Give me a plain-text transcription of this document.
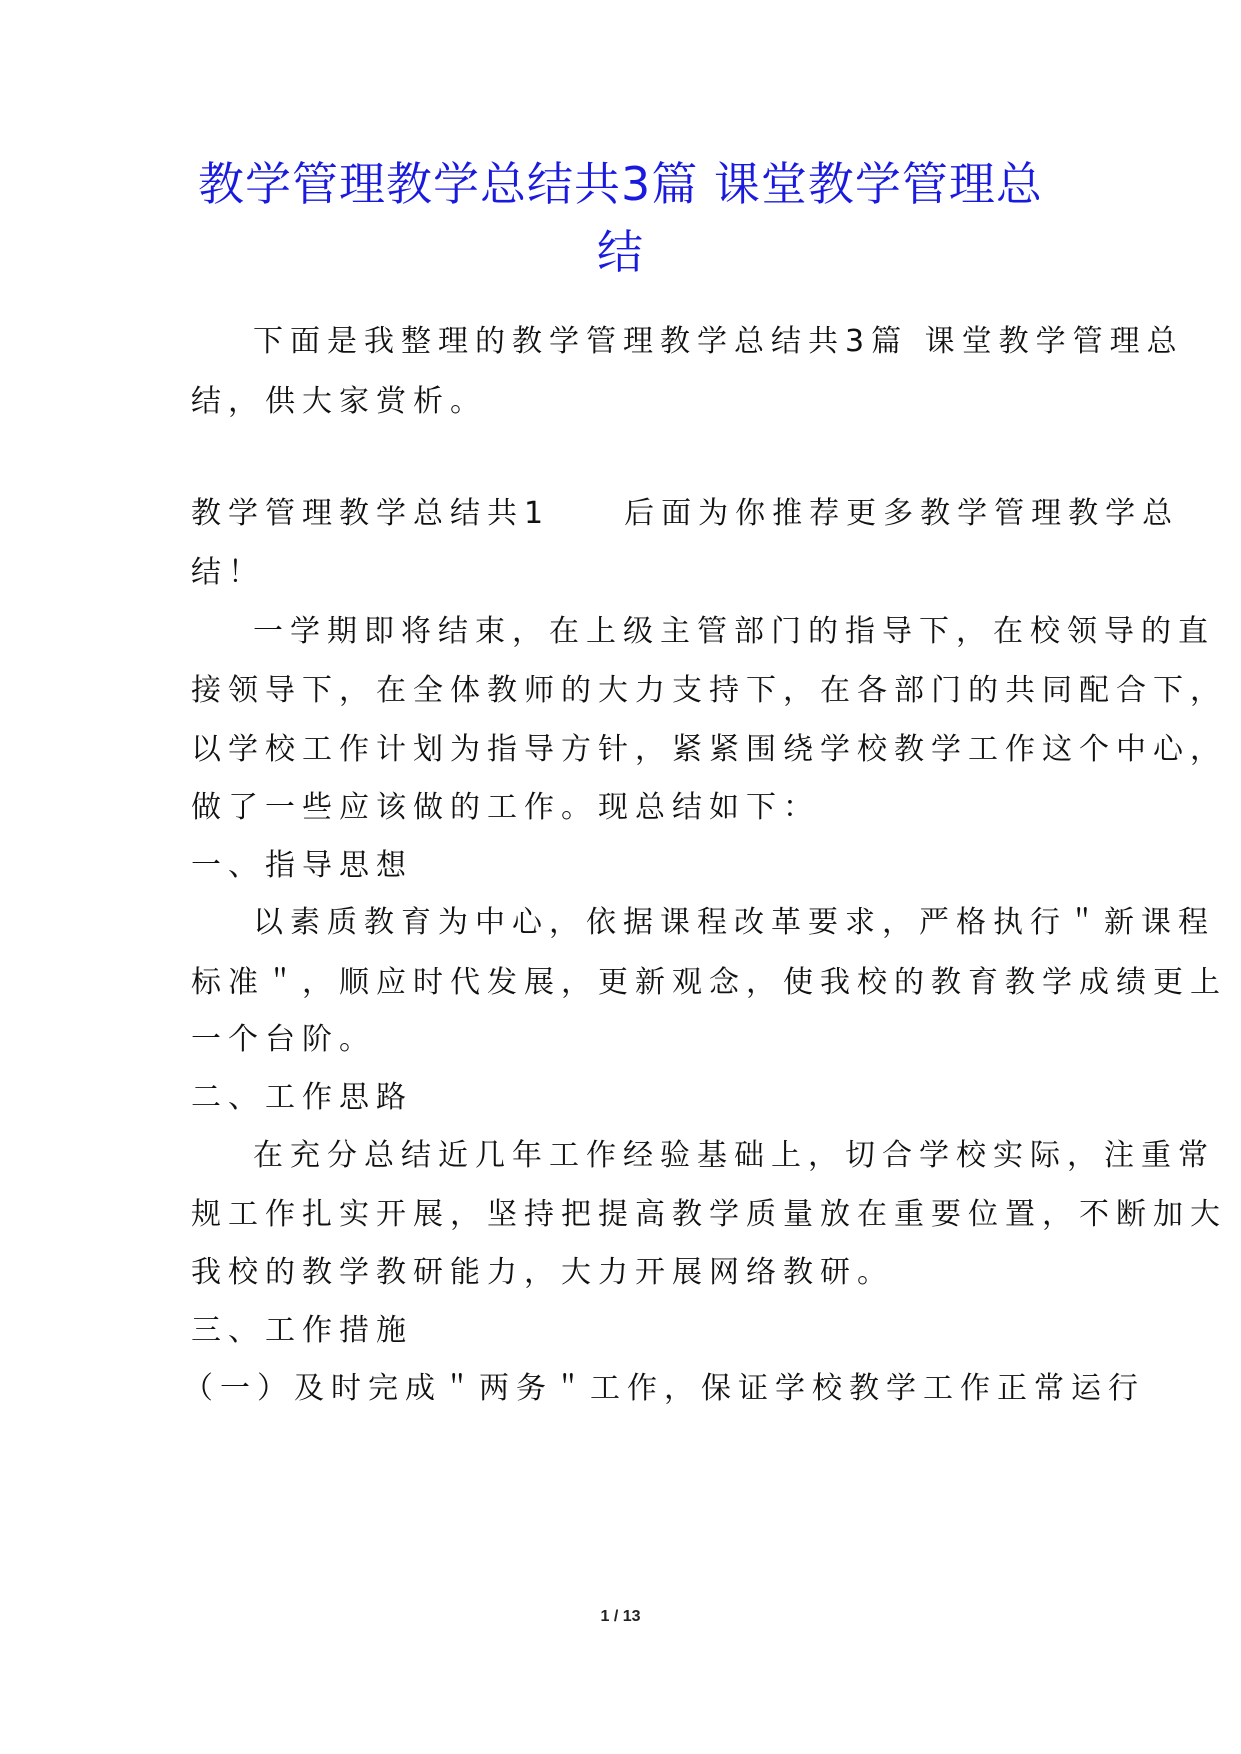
教学管理教学总结共3篇 课堂教学管理总
结
下面是我整理的教学管理教学总结共3篇 课堂教学管理总
结，供大家赏析。
教学管理教学总结共1　　后面为你推荐更多教学管理教学总
结！
一学期即将结束，在上级主管部门的指导下，在校领导的直
接领导下，在全体教师的大力支持下，在各部门的共同配合下，
以学校工作计划为指导方针，紧紧围绕学校教学工作这个中心，
做了一些应该做的工作。现总结如下：
一、指导思想
以素质教育为中心，依据课程改革要求，严格执行＂新课程
标准＂，顺应时代发展，更新观念，使我校的教育教学成绩更上
一个台阶。
二、工作思路
在充分总结近几年工作经验基础上，切合学校实际，注重常
规工作扎实开展，坚持把提高教学质量放在重要位置，不断加大
我校的教学教研能力，大力开展网络教研。
三、工作措施
（一）及时完成＂两务＂工作，保证学校教学工作正常运行
1 / 13
